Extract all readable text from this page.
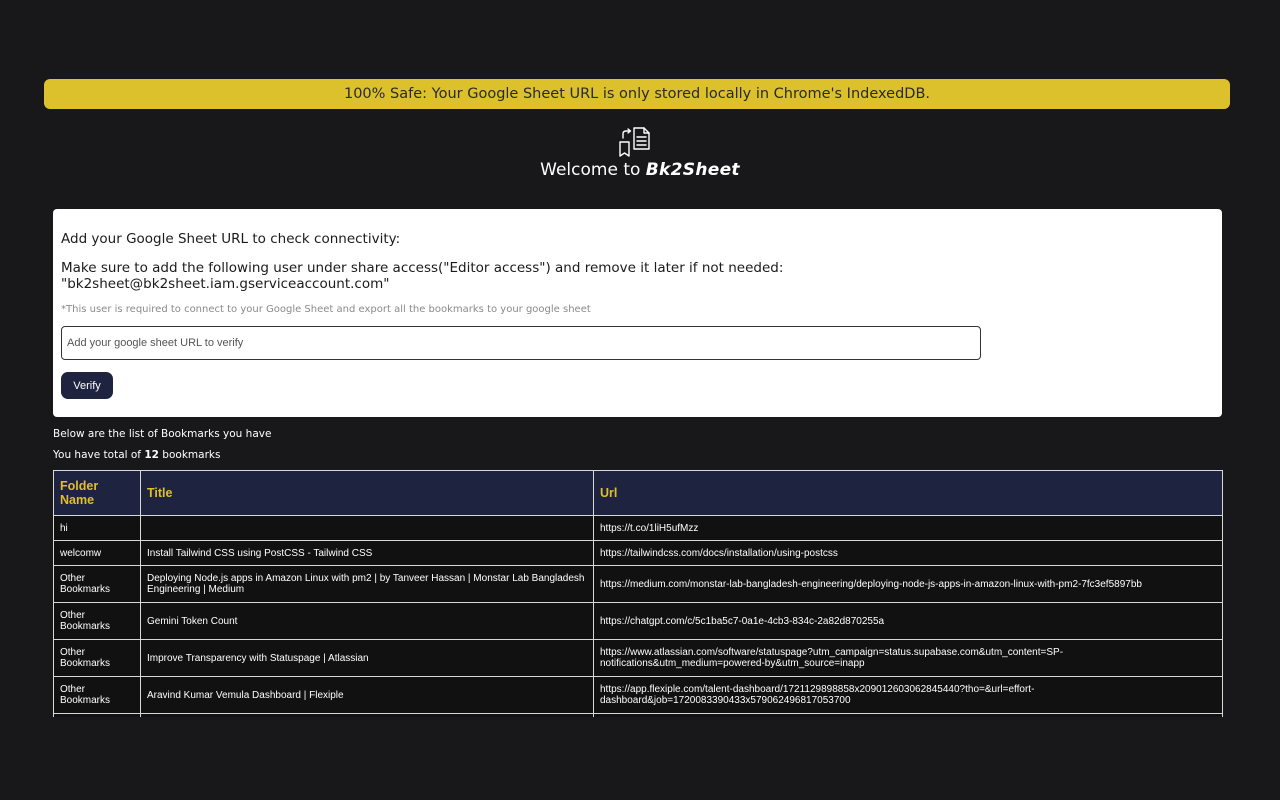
100% Safe: Your Google Sheet URL is only stored locally in Chrome's IndexedDB.
Welcome to Bk2Sheet
Add your Google Sheet URL to check connectivity:
Make sure to add the following user under share access("Editor access") and remove it later if not needed: "bk2sheet@bk2sheet.iam.gserviceaccount.com"
*This user is required to connect to your Google Sheet and export all the bookmarks to your google sheet
Add your google sheet URL to verify
Verify
Below are the list of Bookmarks you have
You have total of 12 bookmarks
Folder Name	Title	Url
hi		https://t.co/1liH5ufMzz
welcomw	Install Tailwind CSS using PostCSS - Tailwind CSS	https://tailwindcss.com/docs/installation/using-postcss
Other Bookmarks	Deploying Node.js apps in Amazon Linux with pm2 | by Tanveer Hassan | Monstar Lab Bangladesh Engineering | Medium	https://medium.com/monstar-lab-bangladesh-engineering/deploying-node-js-apps-in-amazon-linux-with-pm2-7fc3ef5897bb
Other Bookmarks	Gemini Token Count	https://chatgpt.com/c/5c1ba5c7-0a1e-4cb3-834c-2a82d870255a
Other Bookmarks	Improve Transparency with Statuspage | Atlassian	https://www.atlassian.com/software/statuspage?utm_campaign=status.supabase.com&utm_content=SP-notifications&utm_medium=powered-by&utm_source=inapp
Other Bookmarks	Aravind Kumar Vemula Dashboard | Flexiple	https://app.flexiple.com/talent-dashboard/1721129898858x209012603062845440?tho=&url=effort-dashboard&job=1720083390433x579062496817053700
